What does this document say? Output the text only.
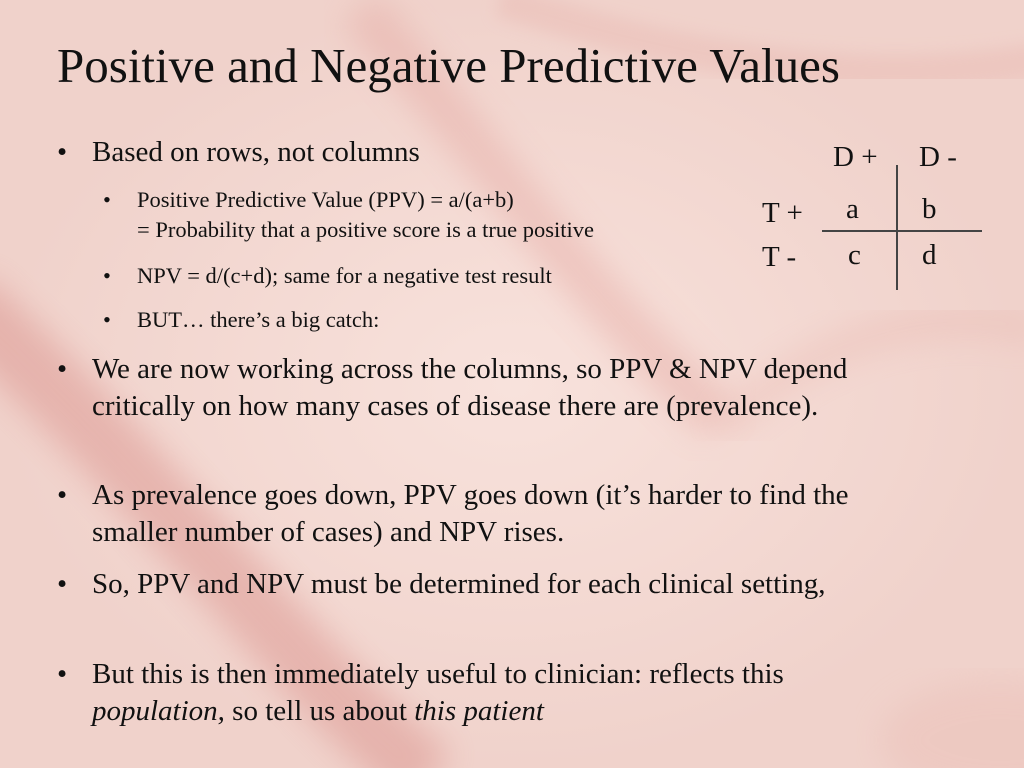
Positive and Negative Predictive Values
• Based on rows, not columns
• Positive Predictive Value (PPV) = a/(a+b)
= Probability that a positive score is a true positive
• NPV = d/(c+d); same for a negative test result
• BUT… there’s a big catch:
• We are now working across the columns, so PPV & NPV depend critically on how many cases of disease there are (prevalence).
• As prevalence goes down, PPV goes down (it’s harder to find the smaller number of cases) and NPV rises.
• So, PPV and NPV must be determined for each clinical setting,
• But this is then immediately useful to clinician: reflects this population, so tell us about this patient
D + D -
T +
T -
a b
c d
